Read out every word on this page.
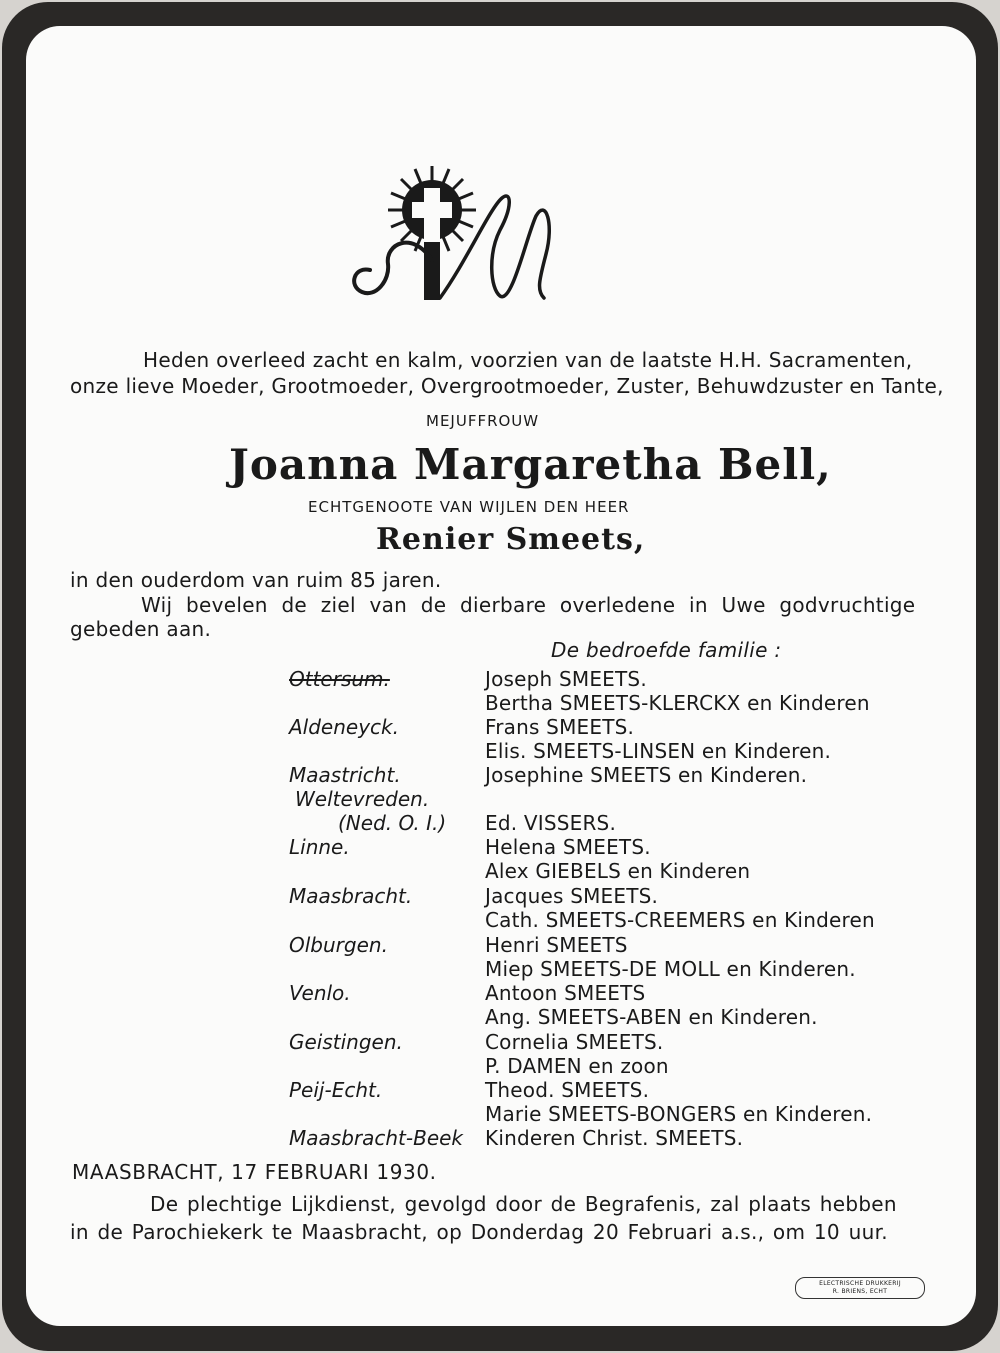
Heden overleed zacht en kalm, voorzien van de laatste H.H. Sacramenten,
onze lieve Moeder, Grootmoeder, Overgrootmoeder, Zuster, Behuwdzuster en Tante,
MEJUFFROUW
Joanna Margaretha Bell,
ECHTGENOOTE VAN WIJLEN DEN HEER
Renier Smeets,
in den ouderdom van ruim 85 jaren.
Wij bevelen de ziel van de dierbare overledene in Uwe godvruchtige
gebeden aan.
De bedroefde familie :
Ottersum.	Joseph SMEETS.
Bertha SMEETS-KLERCKX en Kinderen
Aldeneyck.	Frans SMEETS.
Elis. SMEETS-LINSEN en Kinderen.
Maastricht.	Josephine SMEETS en Kinderen.
Weltevreden.
(Ned. O. I.) Ed. VISSERS.
Linne.	Helena SMEETS.
Alex GIEBELS en Kinderen
Maasbracht.	Jacques SMEETS.
Cath. SMEETS-CREEMERS en Kinderen
Olburgen.	Henri SMEETS
Miep SMEETS-DE MOLL en Kinderen.
Venlo.	Antoon SMEETS
Ang. SMEETS-ABEN en Kinderen.
Geistingen.	Cornelia SMEETS.
P. DAMEN en zoon
Peij-Echt.	Theod. SMEETS.
Marie SMEETS-BONGERS en Kinderen.
Maasbracht-Beek Kinderen Christ. SMEETS.
MAASBRACHT, 17 FEBRUARI 1930.
De plechtige Lijkdienst, gevolgd door de Begrafenis, zal plaats hebben
in de Parochiekerk te Maasbracht, op Donderdag 20 Februari a.s., om 10 uur.
ELECTRISCHE DRUKKERIJ
R. BRIENS, ECHT
